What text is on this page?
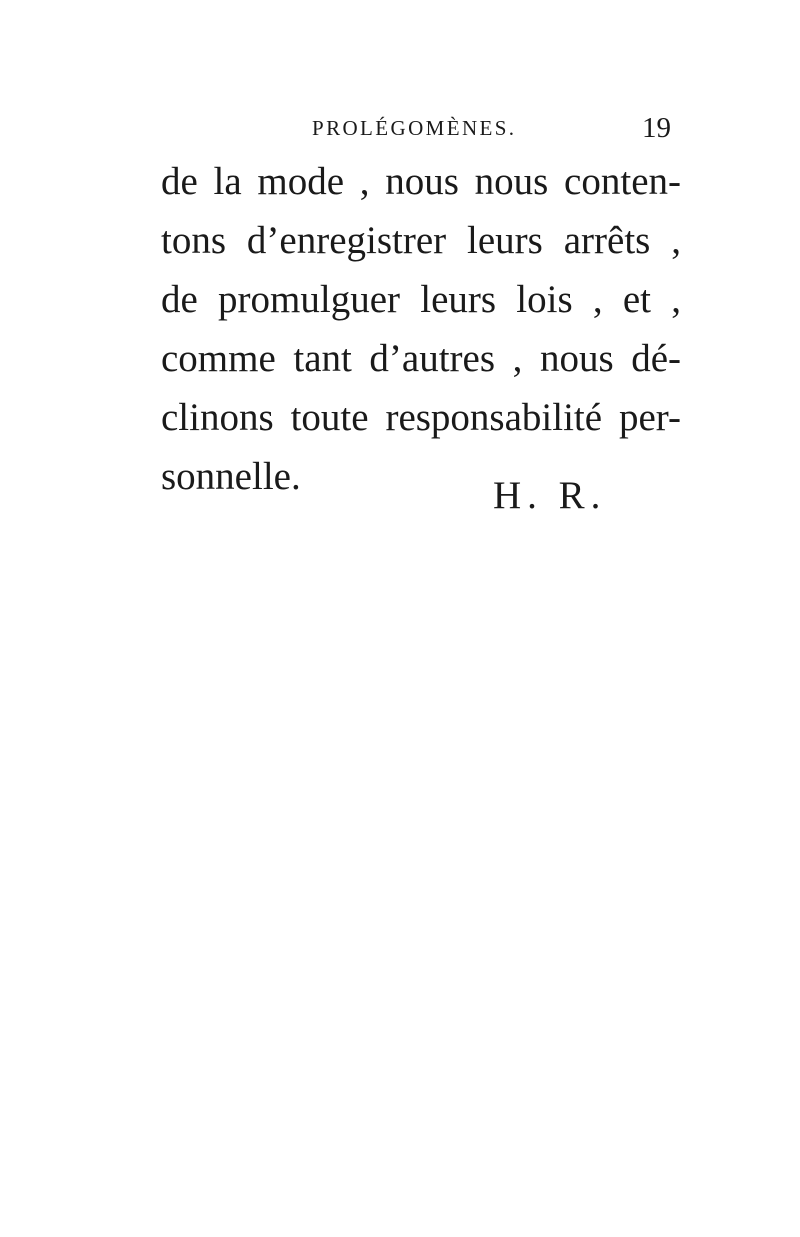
PROLÉGOMÈNES.	19
de la mode , nous nous conten-
tons d’enregistrer leurs arrêts ,
de promulguer leurs lois , et ,
comme tant d’autres , nous dé-
clinons toute responsabilité per-
sonnelle.	H. R.
